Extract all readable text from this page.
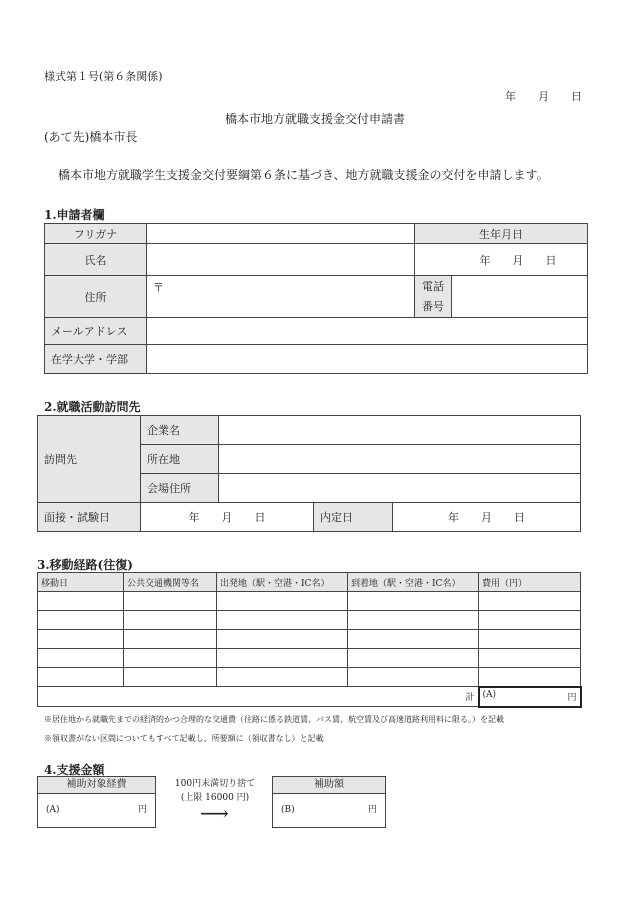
様式第１号(第６条関係)
年 月 日
橋本市地方就職支援金交付申請書
(あて先)橋本市長
橋本市地方就職学生支援金交付要綱第６条に基づき、地方就職支援金の交付を申請します。
1.申請者欄
フリガナ		生年月日	
氏名		年 月 日	
住所	〒	電話
番号	

メールアドレス			
在学大学・学部			
2.就職活動訪問先
訪問先	企業名			
	所在地			
	会場住所			
面接・試験日	年 月 日		内定日	年 月 日
3.移動経路(往復)
移動日	公共交通機関等名	出発地（駅・空港・IC名）	到着地（駅・空港・IC名）	費用（円）

計				(A) 円
※居住地から就職先までの経済的かつ合理的な交通費（往路に係る鉄道賃、バス賃、航空賃及び高速道路利用料に限る。）を記載
※領収書がない区間についてもすべて記載し、所要額に（領収書なし）と記載
4.支援金額
補助対象経費
(A)	円
100円未満切り捨て
(上限 16000 円)
⟶
補助額
(B)	円
